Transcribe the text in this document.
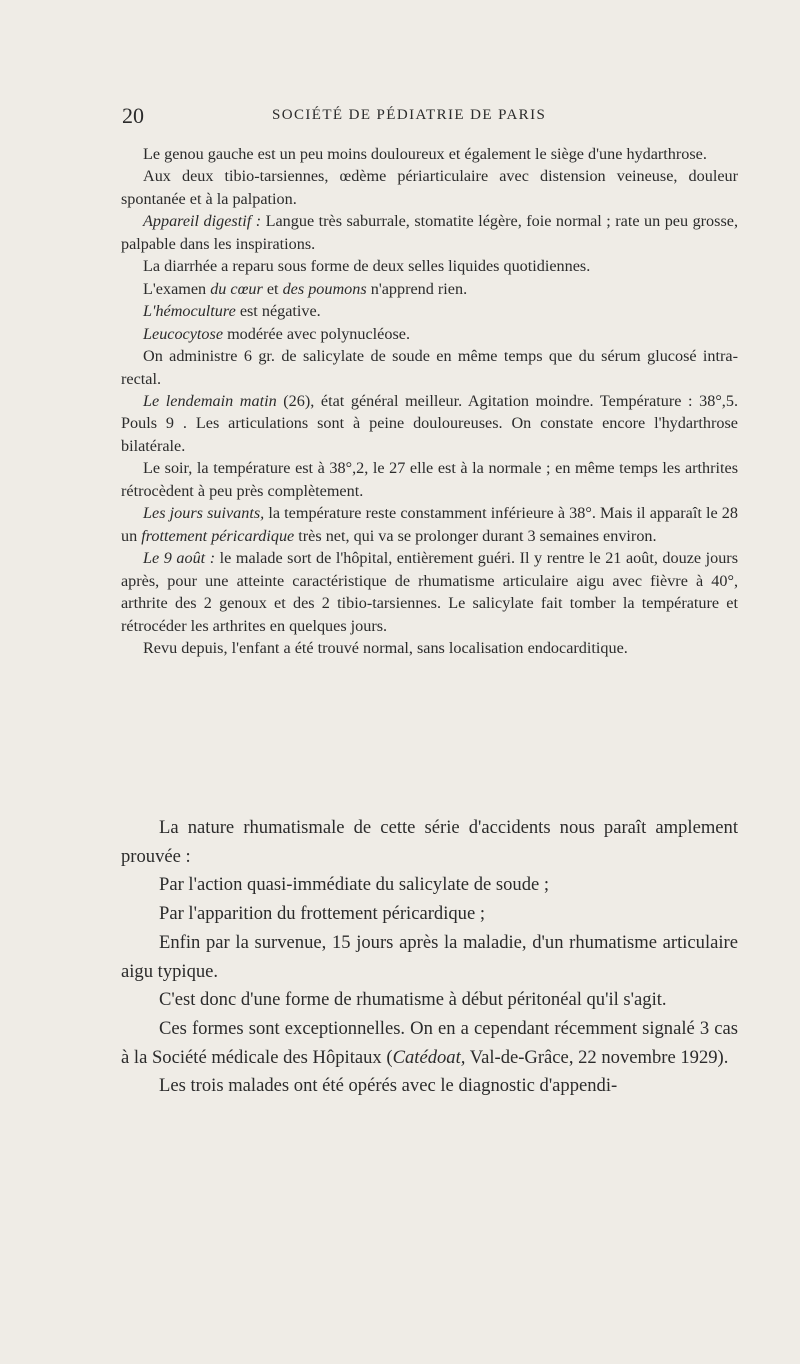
20	SOCIÉTÉ DE PÉDIATRIE DE PARIS

Le genou gauche est un peu moins douloureux et également le siège d'une hydarthrose.

Aux deux tibio-tarsiennes, œdème périarticulaire avec distension veineuse, douleur spontanée et à la palpation.

Appareil digestif : Langue très saburrale, stomatite légère, foie normal ; rate un peu grosse, palpable dans les inspirations.

La diarrhée a reparu sous forme de deux selles liquides quotidiennes.

L'examen du cœur et des poumons n'apprend rien.

L'hémoculture est négative.

Leucocytose modérée avec polynucléose.

On administre 6 gr. de salicylate de soude en même temps que du sérum glucosé intra-rectal.

Le lendemain matin (26), état général meilleur. Agitation moindre. Température : 38°,5. Pouls 9 . Les articulations sont à peine douloureuses. On constate encore l'hydarthrose bilatérale.

Le soir, la température est à 38°,2, le 27 elle est à la normale ; en même temps les arthrites rétrocèdent à peu près complètement.

Les jours suivants, la température reste constamment inférieure à 38°. Mais il apparaît le 28 un frottement péricardique très net, qui va se prolonger durant 3 semaines environ.

Le 9 août : le malade sort de l'hôpital, entièrement guéri. Il y rentre le 21 août, douze jours après, pour une atteinte caractéristique de rhumatisme articulaire aigu avec fièvre à 40°, arthrite des 2 genoux et des 2 tibio-tarsiennes. Le salicylate fait tomber la température et rétrocéder les arthrites en quelques jours.

Revu depuis, l'enfant a été trouvé normal, sans localisation endocarditique.

La nature rhumatismale de cette série d'accidents nous paraît amplement prouvée :

Par l'action quasi-immédiate du salicylate de soude ;

Par l'apparition du frottement péricardique ;

Enfin par la survenue, 15 jours après la maladie, d'un rhumatisme articulaire aigu typique.

C'est donc d'une forme de rhumatisme à début péritonéal qu'il s'agit.

Ces formes sont exceptionnelles. On en a cependant récemment signalé 3 cas à la Société médicale des Hôpitaux (Catédoat, Val-de-Grâce, 22 novembre 1929).

Les trois malades ont été opérés avec le diagnostic d'appendi-
